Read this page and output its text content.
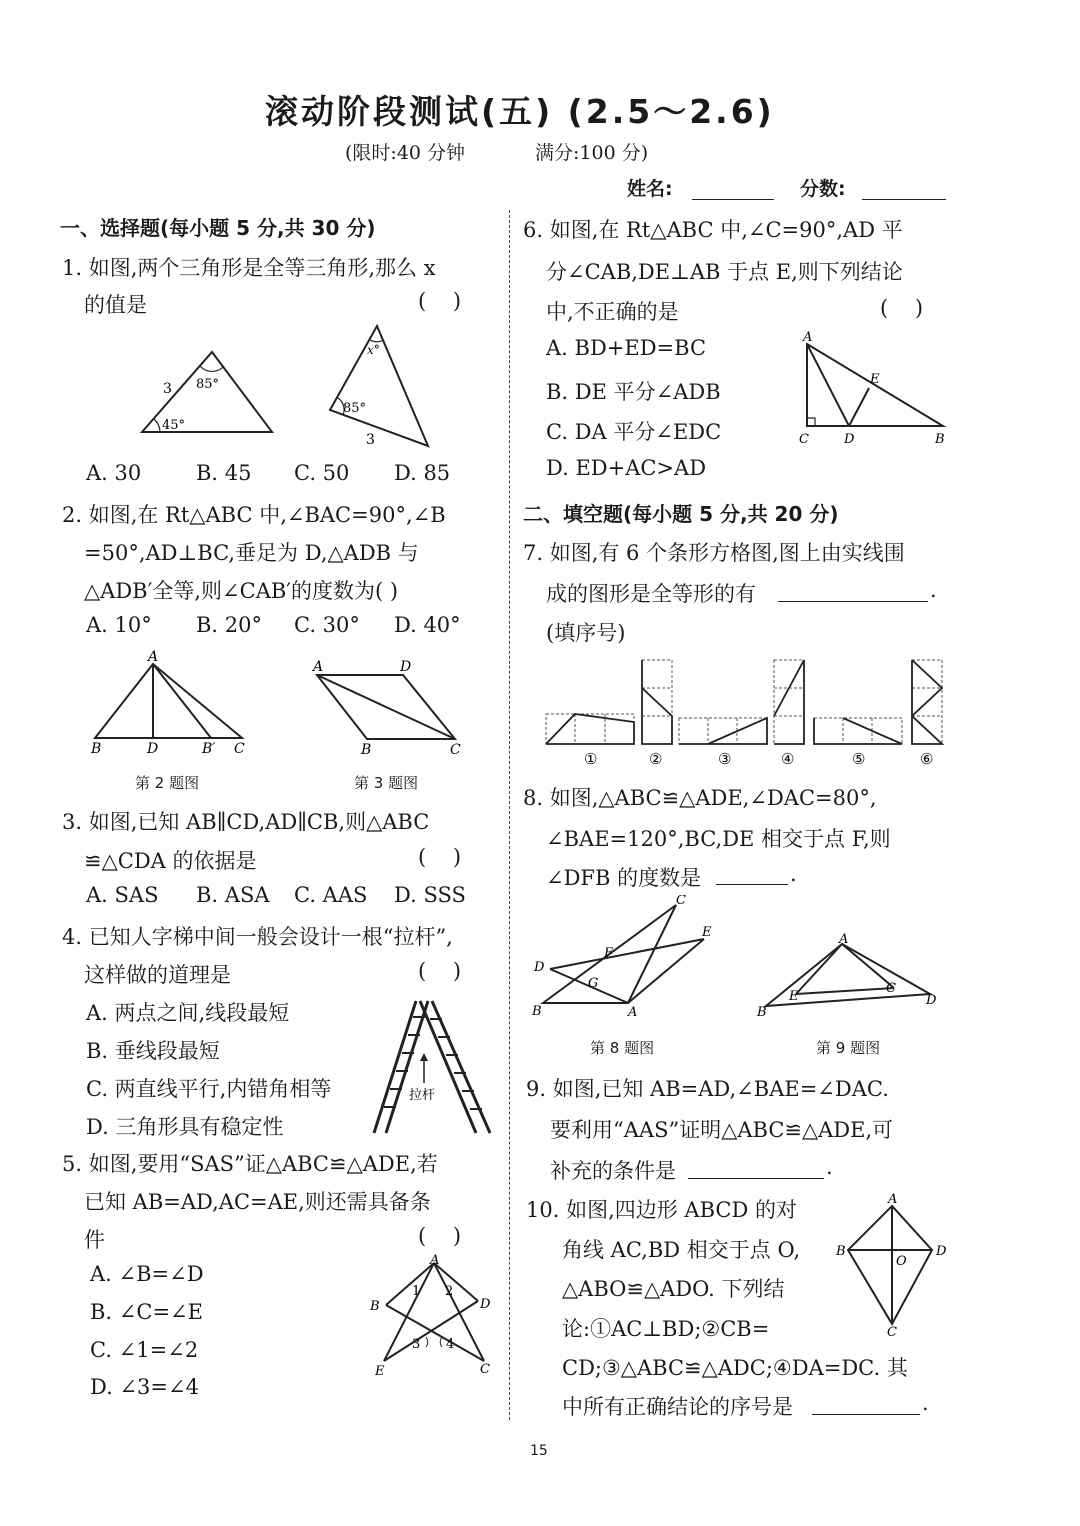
滚动阶段测试(五) (2.5～2.6)
(限时:40 分钟	满分:100 分)
姓名:	分数:
一、选择题(每小题 5 分,共 30 分)
1. 如图,两个三角形是全等三角形,那么 x
的值是	(    )
3 85°
45°
x°
85°
3
A. 30	B. 45 C. 50 D. 85
2. 如图,在 Rt△ABC 中,∠BAC=90°,∠B
=50°,AD⊥BC,垂足为 D,△ADB 与
△ADB′全等,则∠CAB′的度数为( )
A. 10° B. 20° C. 30° D. 40°
A
B	D	B′ C
第 2 题图
A	D
B	C
第 3 题图
3. 如图,已知 AB∥CD,AD∥CB,则△ABC
≌△CDA 的依据是	(    )
A. SAS B. ASA C. AAS D. SSS
4. 已知人字梯中间一般会设计一根“拉杆”,
这样做的道理是	(    )
A. 两点之间,线段最短
B. 垂线段最短
C. 两直线平行,内错角相等
D. 三角形具有稳定性
拉杆
5. 如图,要用“SAS”证△ABC≌△ADE,若
已知 AB=AD,AC=AE,则还需具备条
件	(    )
A. ∠B=∠D
B. ∠C=∠E
C. ∠1=∠2
D. ∠3=∠4
A
B	D
E	C
1 2
3 4
6. 如图,在 Rt△ABC 中,∠C=90°,AD 平
分∠CAB,DE⊥AB 于点 E,则下列结论
中,不正确的是	(    )
A. BD+ED=BC
B. DE 平分∠ADB
C. DA 平分∠EDC
D. ED+AC>AD
A
E
C	D	B
二、填空题(每小题 5 分,共 20 分)
7. 如图,有 6 个条形方格图,图上由实线围
成的图形是全等形的有	.
(填序号)
①	②	③	④	⑤	⑥
8. 如图,△ABC≌△ADE,∠DAC=80°,
∠BAE=120°,BC,DE 相交于点 F,则
∠DFB 的度数是	.
C
E
F
D
G
B	A
第 8 题图
A
E
C
B
D
第 9 题图
9. 如图,已知 AB=AD,∠BAE=∠DAC.
要利用“AAS”证明△ABC≌△ADE,可
补充的条件是	.
10. 如图,四边形 ABCD 的对
角线 AC,BD 相交于点 O,
△ABO≌△ADO. 下列结
论:①AC⊥BD;②CB=
CD;③△ABC≌△ADC;④DA=DC. 其
中所有正确结论的序号是	.
A
B
O
D
C
15
